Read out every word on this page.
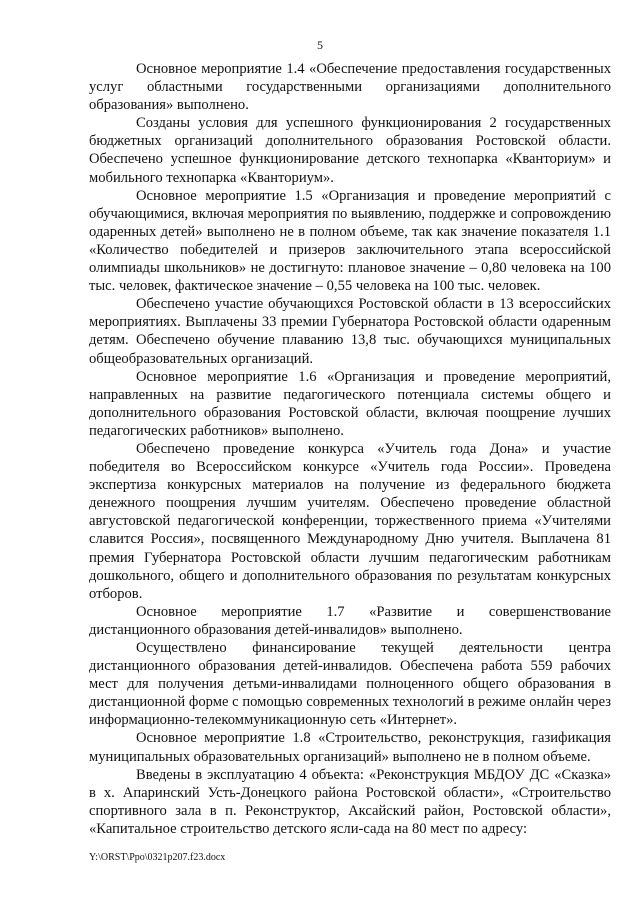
5

Основное мероприятие 1.4 «Обеспечение предоставления государственных услуг областными государственными организациями дополнительного образования» выполнено.

Созданы условия для успешного функционирования 2 государственных бюджетных организаций дополнительного образования Ростовской области. Обеспечено успешное функционирование детского технопарка «Кванториум» и мобильного технопарка «Кванториум».

Основное мероприятие 1.5 «Организация и проведение мероприятий с обучающимися, включая мероприятия по выявлению, поддержке и сопровождению одаренных детей» выполнено не в полном объеме, так как значение показателя 1.1 «Количество победителей и призеров заключительного этапа всероссийской олимпиады школьников» не достигнуто: плановое значение – 0,80 человека на 100 тыс. человек, фактическое значение – 0,55 человека на 100 тыс. человек.

Обеспечено участие обучающихся Ростовской области в 13 всероссийских мероприятиях. Выплачены 33 премии Губернатора Ростовской области одаренным детям. Обеспечено обучение плаванию 13,8 тыс. обучающихся муниципальных общеобразовательных организаций.

Основное мероприятие 1.6 «Организация и проведение мероприятий, направленных на развитие педагогического потенциала системы общего и дополнительного образования Ростовской области, включая поощрение лучших педагогических работников» выполнено.

Обеспечено проведение конкурса «Учитель года Дона» и участие победителя во Всероссийском конкурсе «Учитель года России». Проведена экспертиза конкурсных материалов на получение из федерального бюджета денежного поощрения лучшим учителям. Обеспечено проведение областной августовской педагогической конференции, торжественного приема «Учителями славится Россия», посвященного Международному Дню учителя. Выплачена 81 премия Губернатора Ростовской области лучшим педагогическим работникам дошкольного, общего и дополнительного образования по результатам конкурсных отборов.

Основное мероприятие 1.7 «Развитие и совершенствование дистанционного образования детей-инвалидов» выполнено.

Осуществлено финансирование текущей деятельности центра дистанционного образования детей-инвалидов. Обеспечена работа 559 рабочих мест для получения детьми-инвалидами полноценного общего образования в дистанционной форме с помощью современных технологий в режиме онлайн через информационно-телекоммуникационную сеть «Интернет».

Основное мероприятие 1.8 «Строительство, реконструкция, газификация муниципальных образовательных организаций» выполнено не в полном объеме.

Введены в эксплуатацию 4 объекта: «Реконструкция МБДОУ ДС «Сказка» в х. Апаринский Усть-Донецкого района Ростовской области», «Строительство спортивного зала в п. Реконструктор, Аксайский район, Ростовской области», «Капитальное строительство детского ясли-сада на 80 мест по адресу:

Y:\ORST\Ppo\0321p207.f23.docx
